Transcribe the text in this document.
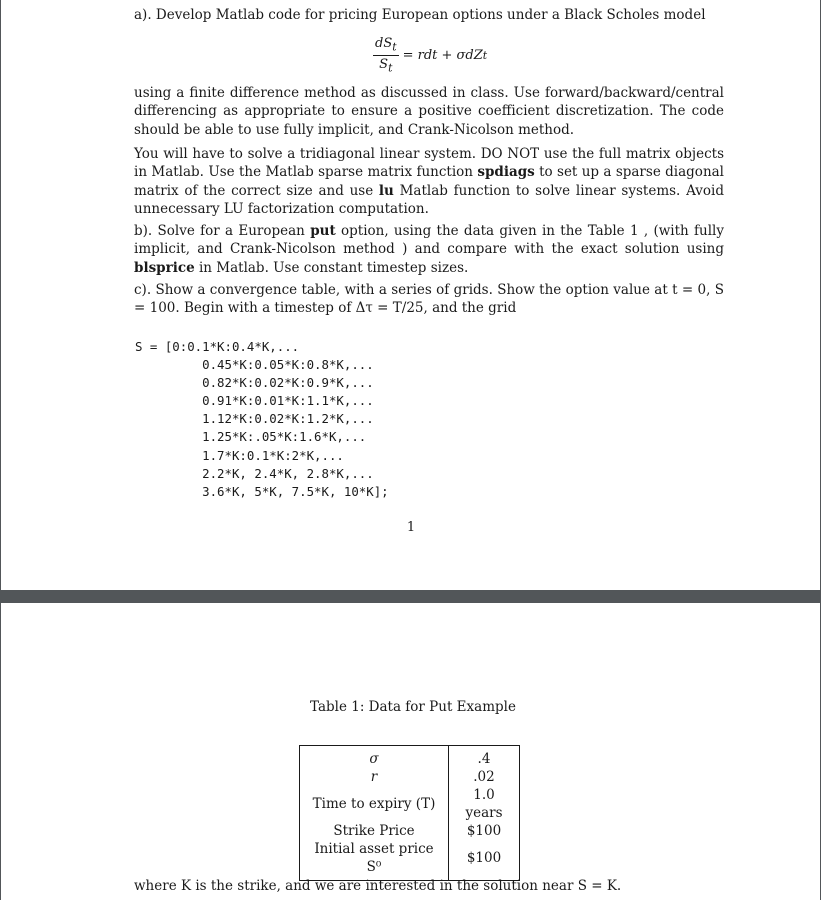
a). Develop Matlab code for pricing European options under a Black Scholes model

$\frac{dS_t}{S_t}$ = rdt + σdZ t

using a finite difference method as discussed in class. Use forward/backward/central differencing as appropriate to ensure a positive coefficient discretization. The code should be able to use fully implicit, and Crank-Nicolson method.

You will have to solve a tridiagonal linear system. DO NOT use the full matrix objects in Matlab. Use the Matlab sparse matrix function spdiags to set up a sparse diagonal matrix of the correct size and use lu Matlab function to solve linear systems. Avoid unnecessary LU factorization computation.

b). Solve for a European put option, using the data given in the Table 1 , (with fully implicit, and Crank-Nicolson method ) and compare with the exact solution using blsprice in Matlab. Use constant timestep sizes.

c). Show a convergence table, with a series of grids. Show the option value at t = 0, S = 100. Begin with a timestep of Δτ = T/25, and the grid

S = [0:0.1*K:0.4*K,...
0.45*K:0.05*K:0.8*K,...
0.82*K:0.02*K:0.9*K,...
0.91*K:0.01*K:1.1*K,...
1.12*K:0.02*K:1.2*K,...
1.25*K:.05*K:1.6*K,...
1.7*K:0.1*K:2*K,...
2.2*K, 2.4*K, 2.8*K,...
3.6*K, 5*K, 7.5*K, 10*K];
1
Table 1: Data for Put Example
σ	.4
r	.02
Time to expiry (T)	1.0 years
Strike Price	$100
Initial asset price S⁰	$100
where K is the strike, and we are interested in the solution near S = K.
